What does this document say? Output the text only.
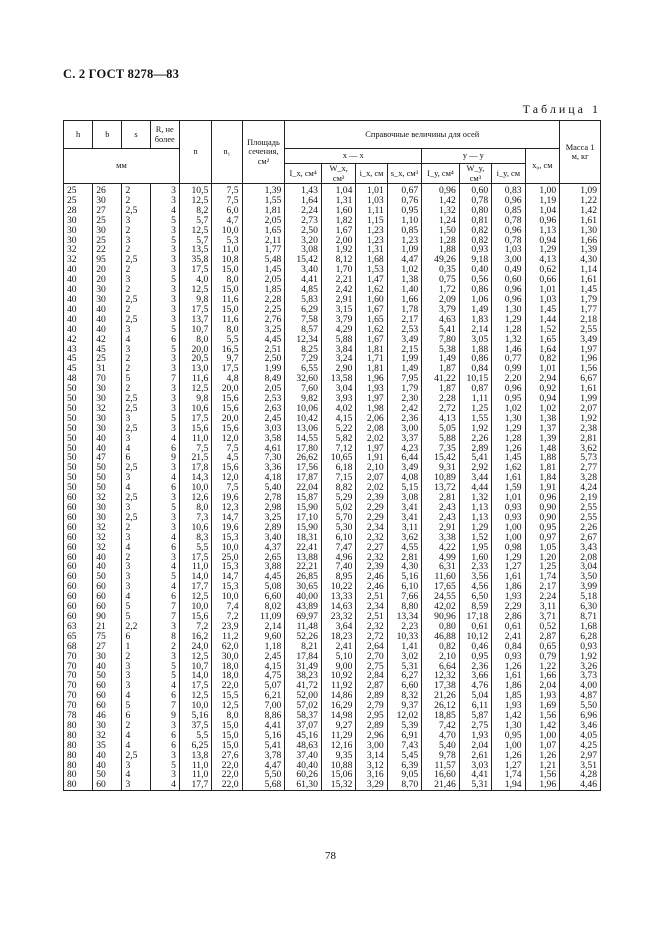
С. 2 ГОСТ 8278—83
Таблица 1
h	b	s	R, не более	n	n₁	Площадь сечения, см²	Справочные величины для осей								Масса 1 м, кг
мм							x — x				y — y			x₀, см	
							I_x, см⁴	W_x, см³	i_x, см	s_x, см³	I_y, см⁴	W_y, см³	i_y, см		
25	26	2	3	10,5	7,5	1,39	1,43	1,04	1,01	0,67	0,96	0,60	0,83	1,00	1,09
25	30	2	3	12,5	7,5	1,55	1,64	1,31	1,03	0,76	1,42	0,78	0,96	1,19	1,22
28	27	2,5	4	8,2	6,0	1,81	2,24	1,60	1,11	0,95	1,32	0,80	0,85	1,04	1,42
30	25	3	5	5,7	4,7	2,05	2,73	1,82	1,15	1,10	1,24	0,81	0,78	0,96	1,61
30	30	2	3	12,5	10,0	1,65	2,50	1,67	1,23	0,85	1,50	0,82	0,96	1,13	1,30
30	25	3	5	5,7	5,3	2,11	3,20	2,00	1,23	1,23	1,28	0,82	0,78	0,94	1,66
32	22	2	3	13,5	11,0	1,77	3,08	1,92	1,31	1,09	1,88	0,93	1,03	1,29	1,39
32	95	2,5	3	35,8	10,8	5,48	15,42	8,12	1,68	4,47	49,26	9,18	3,00	4,13	4,30
40	20	2	3	17,5	15,0	1,45	3,40	1,70	1,53	1,02	0,35	0,40	0,49	0,62	1,14
40	20	3	5	4,0	8,0	2,05	4,41	2,21	1,47	1,38	0,75	0,56	0,60	0,66	1,61
40	30	2	3	12,5	15,0	1,85	4,85	2,42	1,62	1,40	1,72	0,86	0,96	1,01	1,45
40	30	2,5	3	9,8	11,6	2,28	5,83	2,91	1,60	1,66	2,09	1,06	0,96	1,03	1,79
40	40	2	3	17,5	15,0	2,25	6,29	3,15	1,67	1,78	3,79	1,49	1,30	1,45	1,77
40	40	2,5	3	13,7	11,6	2,76	7,58	3,79	1,65	2,17	4,63	1,83	1,29	1,44	2,18
40	40	3	5	10,7	8,0	3,25	8,57	4,29	1,62	2,53	5,41	2,14	1,28	1,52	2,55
42	42	4	6	8,0	5,5	4,45	12,34	5,88	1,67	3,49	7,80	3,05	1,32	1,65	3,49
43	45	3	5	20,0	16,5	2,51	8,25	3,84	1,81	2,15	5,38	1,88	1,46	1,64	1,97
45	25	2	3	20,5	9,7	2,50	7,29	3,24	1,71	1,99	1,49	0,86	0,77	0,82	1,96
45	31	2	3	13,0	17,5	1,99	6,55	2,90	1,81	1,49	1,87	0,84	0,99	1,01	1,56
48	70	5	7	11,6	4,8	8,49	32,60	13,58	1,96	7,95	41,22	10,15	2,20	2,94	6,67
50	30	2	3	12,5	20,0	2,05	7,60	3,04	1,93	1,79	1,87	0,87	0,96	0,92	1,61
50	30	2,5	3	9,8	15,6	2,53	9,82	3,93	1,97	2,30	2,28	1,11	0,95	0,94	1,99
50	32	2,5	3	10,6	15,6	2,63	10,06	4,02	1,98	2,42	2,72	1,25	1,02	1,02	2,07
50	30	3	5	17,5	20,0	2,45	10,42	4,15	2,06	2,36	4,13	1,55	1,30	1,38	1,92
50	30	2,5	3	15,6	15,6	3,03	13,06	5,22	2,08	3,00	5,05	1,92	1,29	1,37	2,38
50	40	3	4	11,0	12,0	3,58	14,55	5,82	2,02	3,37	5,88	2,26	1,28	1,39	2,81
50	40	4	6	7,5	7,5	4,61	17,80	7,12	1,97	4,23	7,35	2,89	1,26	1,48	3,62
50	47	6	9	21,5	4,5	7,30	26,62	10,65	1,91	6,44	15,42	5,41	1,45	1,88	5,73
50	50	2,5	3	17,8	15,6	3,36	17,56	6,18	2,10	3,49	9,31	2,92	1,62	1,81	2,77
50	50	3	4	14,3	12,0	4,18	17,87	7,15	2,07	4,08	10,89	3,44	1,61	1,84	3,28
50	50	4	6	10,0	7,5	5,40	22,04	8,82	2,02	5,15	13,72	4,44	1,59	1,91	4,24
60	32	2,5	3	12,6	19,6	2,78	15,87	5,29	2,39	3,08	2,81	1,32	1,01	0,96	2,19
60	30	3	5	8,0	12,3	2,98	15,90	5,02	2,29	3,41	2,43	1,13	0,93	0,90	2,55
60	30	2,5	3	7,3	14,7	3,25	17,10	5,70	2,29	3,41	2,43	1,13	0,93	0,90	2,55
60	32	2	3	10,6	19,6	2,89	15,90	5,30	2,34	3,11	2,91	1,29	1,00	0,95	2,26
60	32	3	4	8,3	15,3	3,40	18,31	6,10	2,32	3,62	3,38	1,52	1,00	0,97	2,67
60	32	4	6	5,5	10,0	4,37	22,41	7,47	2,27	4,55	4,22	1,95	0,98	1,05	3,43
60	40	2	3	17,5	25,0	2,65	13,88	4,96	2,32	2,81	4,99	1,60	1,29	1,20	2,08
60	40	3	4	11,0	15,3	3,88	22,21	7,40	2,39	4,30	6,31	2,33	1,27	1,25	3,04
60	50	3	5	14,0	14,7	4,45	26,85	8,95	2,46	5,16	11,60	3,56	1,61	1,74	3,50
60	60	3	4	17,7	15,3	5,08	30,65	10,22	2,46	6,10	17,65	4,56	1,86	2,17	3,99
60	60	4	6	12,5	10,0	6,60	40,00	13,33	2,51	7,66	24,55	6,50	1,93	2,24	5,18
60	60	5	7	10,0	7,4	8,02	43,89	14,63	2,34	8,80	42,02	8,59	2,29	3,11	6,30
60	90	5	7	15,6	7,2	11,09	69,97	23,32	2,51	13,34	90,96	17,18	2,86	3,71	8,71
63	21	2,2	3	7,2	23,9	2,14	11,48	3,64	2,32	2,23	0,80	0,61	0,61	0,52	1,68
65	75	6	8	16,2	11,2	9,60	52,26	18,23	2,72	10,33	46,88	10,12	2,41	2,87	6,28
68	27	1	2	24,0	62,0	1,18	8,21	2,41	2,64	1,41	0,82	0,46	0,84	0,65	0,93
70	30	2	3	12,5	30,0	2,45	17,84	5,10	2,70	3,02	2,10	0,95	0,93	0,79	1,92
70	40	3	5	10,7	18,0	4,15	31,49	9,00	2,75	5,31	6,64	2,36	1,26	1,22	3,26
70	50	3	5	14,0	18,0	4,75	38,23	10,92	2,84	6,27	12,32	3,66	1,61	1,66	3,73
70	60	3	4	17,5	22,0	5,07	41,72	11,92	2,87	6,60	17,38	4,76	1,86	2,04	4,00
70	60	4	6	12,5	15,5	6,21	52,00	14,86	2,89	8,32	21,26	5,04	1,85	1,93	4,87
70	60	5	7	10,0	12,5	7,00	57,02	16,29	2,79	9,37	26,12	6,11	1,93	1,69	5,50
78	46	6	9	5,16	8,0	8,86	58,37	14,98	2,95	12,02	18,85	5,87	1,42	1,56	6,96
80	30	2	3	37,5	15,0	4,41	37,07	9,27	2,89	5,39	7,42	2,75	1,30	1,42	3,46
80	32	4	6	5,5	15,0	5,16	45,16	11,29	2,96	6,91	4,70	1,93	0,95	1,00	4,05
80	35	4	6	6,25	15,0	5,41	48,63	12,16	3,00	7,43	5,40	2,04	1,00	1,07	4,25
80	40	2,5	3	13,8	27,6	3,78	37,40	9,35	3,14	5,45	9,78	2,61	1,26	1,26	2,97
80	40	3	5	11,0	22,0	4,47	40,40	10,88	3,12	6,39	11,57	3,03	1,27	1,21	3,51
80	50	4	3	11,0	22,0	5,50	60,26	15,06	3,16	9,05	16,60	4,41	1,74	1,56	4,28
80	60	3	4	17,7	22,0	5,68	61,30	15,32	3,29	8,70	21,46	5,31	1,94	1,96	4,46
78
